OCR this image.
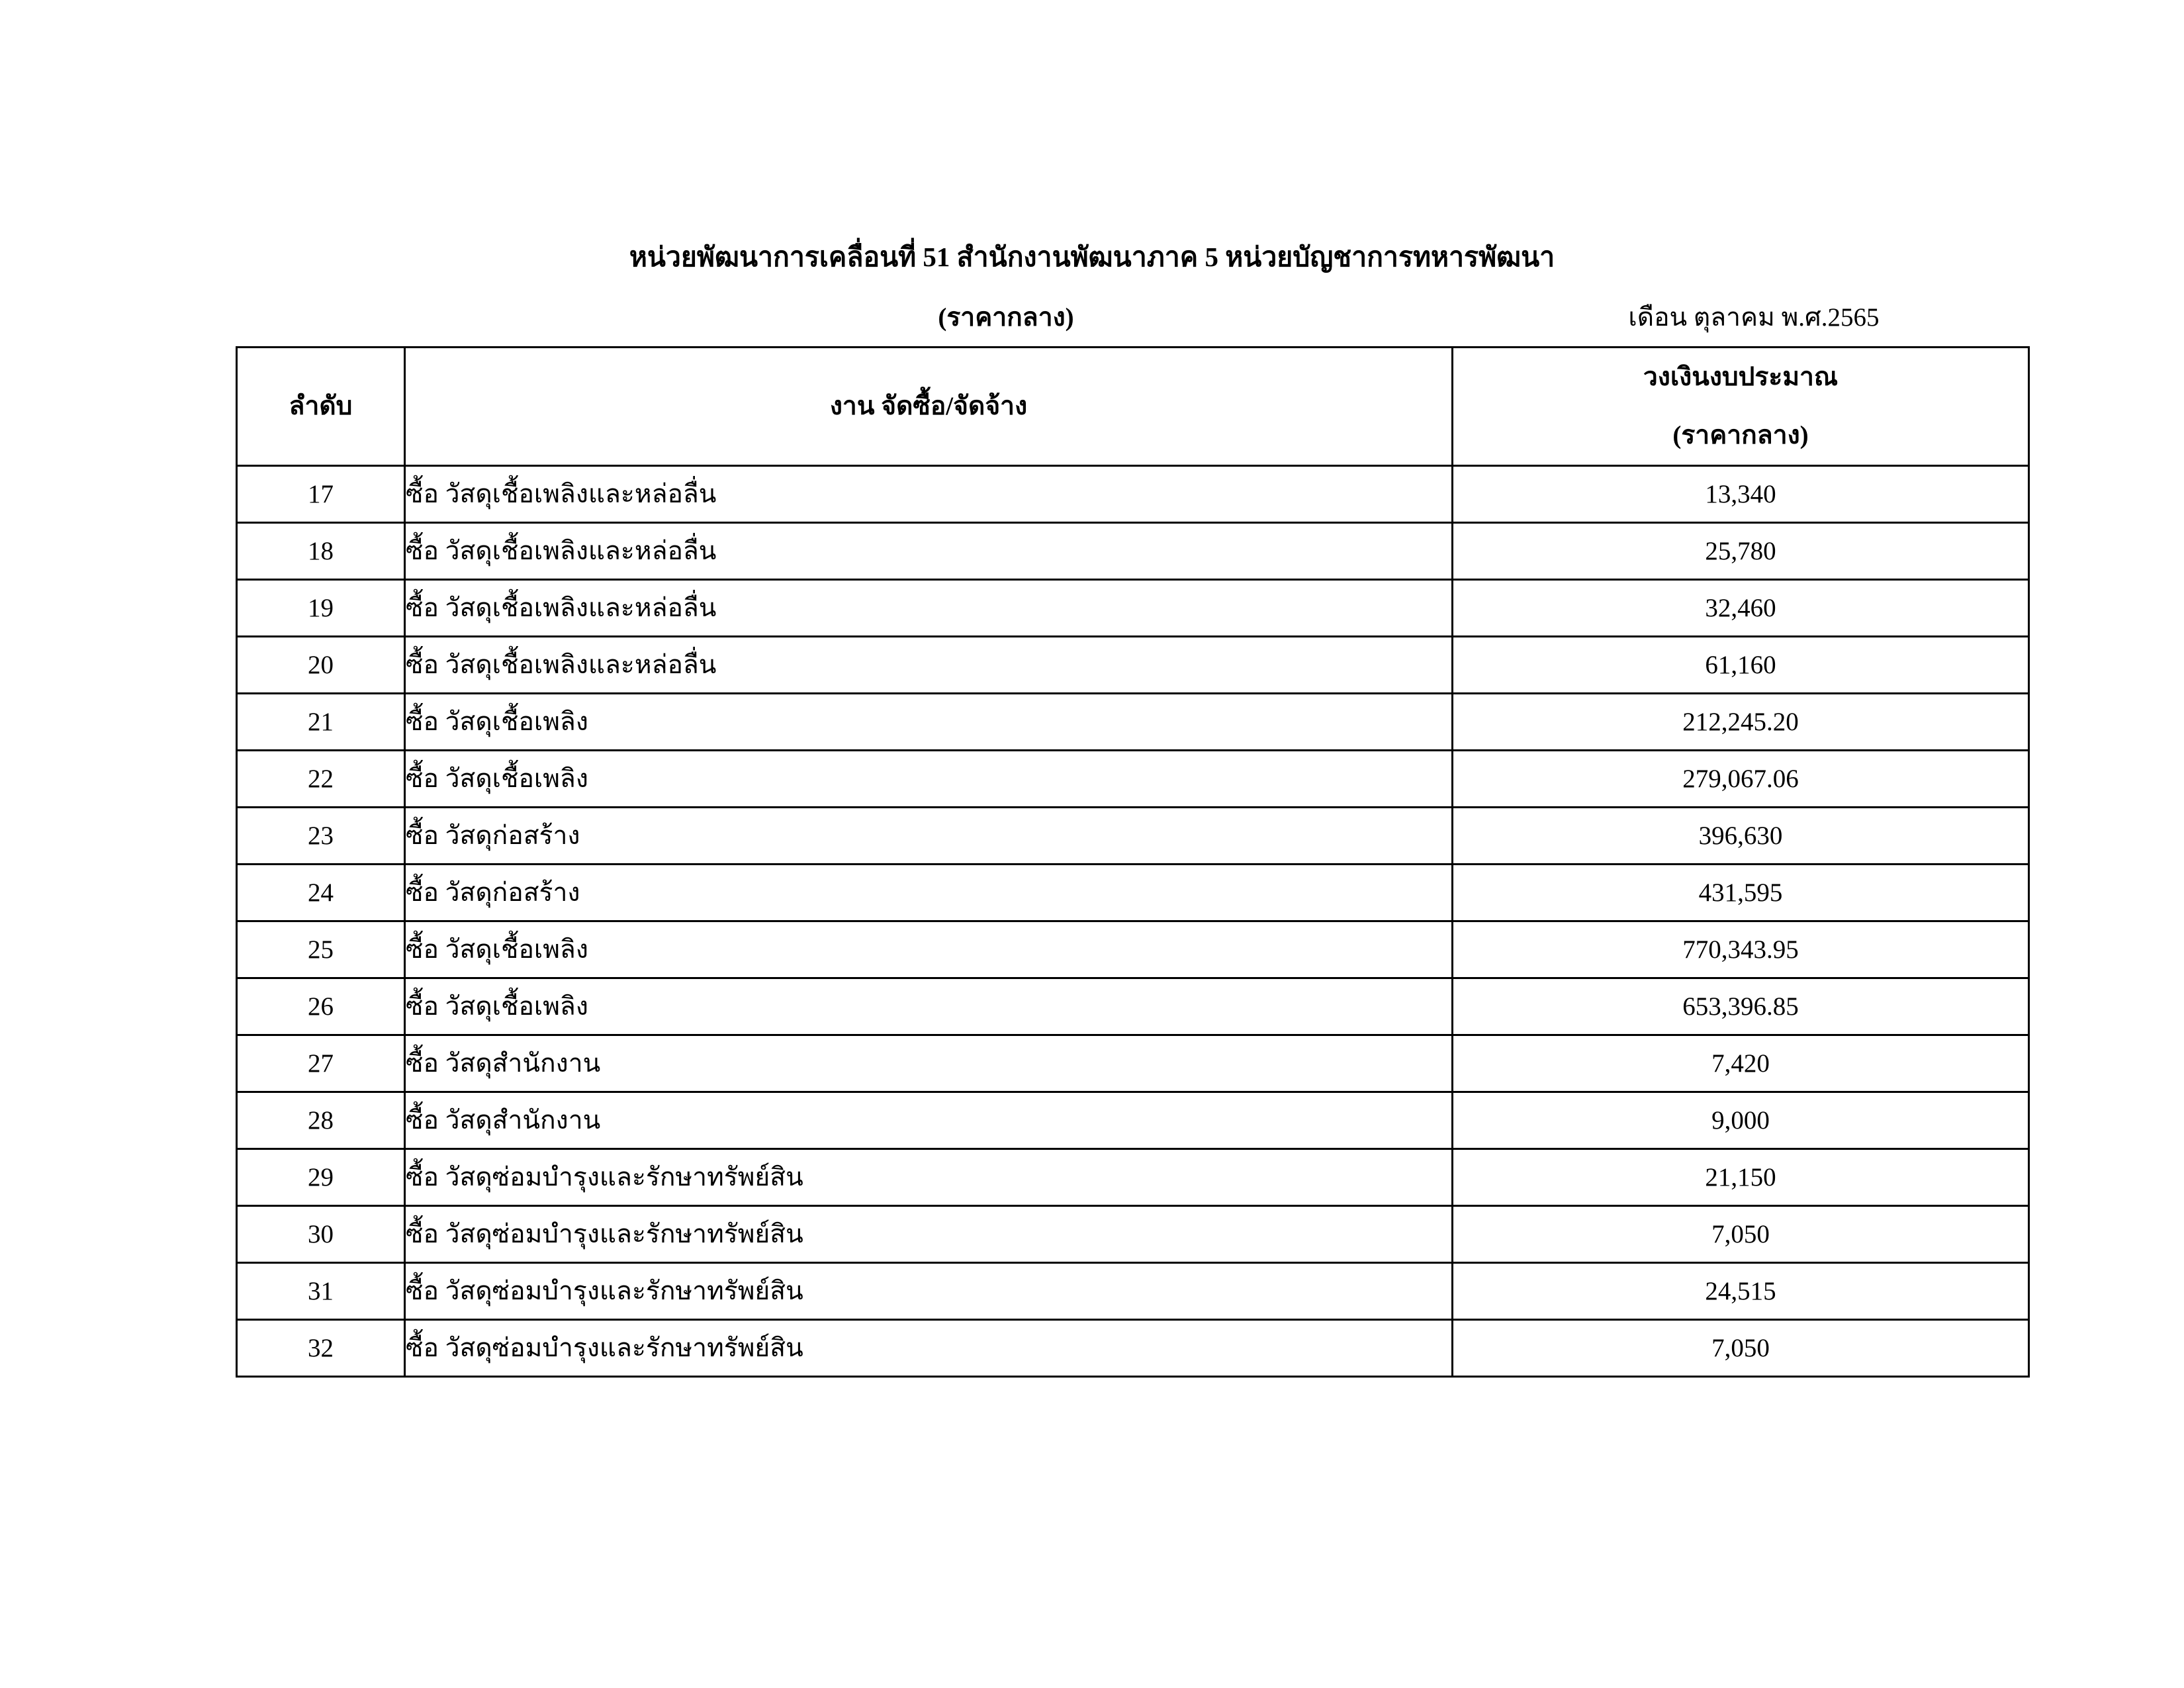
หน่วยพัฒนาการเคลื่อนที่ 51 สำนักงานพัฒนาภาค 5 หน่วยบัญชาการทหารพัฒนา
(ราคากลาง)	เดือน ตุลาคม พ.ศ.2565
ลำดับ	งาน จัดซื้อ/จัดจ้าง	วงเงินงบประมาณ
(ราคากลาง)

17	ซื้อ วัสดุเชื้อเพลิงและหล่อลื่น	13,340
18	ซื้อ วัสดุเชื้อเพลิงและหล่อลื่น	25,780
19	ซื้อ วัสดุเชื้อเพลิงและหล่อลื่น	32,460
20	ซื้อ วัสดุเชื้อเพลิงและหล่อลื่น	61,160
21	ซื้อ วัสดุเชื้อเพลิง	212,245.20
22	ซื้อ วัสดุเชื้อเพลิง	279,067.06
23	ซื้อ วัสดุก่อสร้าง	396,630
24	ซื้อ วัสดุก่อสร้าง	431,595
25	ซื้อ วัสดุเชื้อเพลิง	770,343.95
26	ซื้อ วัสดุเชื้อเพลิง	653,396.85
27	ซื้อ วัสดุสำนักงาน	7,420
28	ซื้อ วัสดุสำนักงาน	9,000
29	ซื้อ วัสดุซ่อมบำรุงและรักษาทรัพย์สิน	21,150
30	ซื้อ วัสดุซ่อมบำรุงและรักษาทรัพย์สิน	7,050
31	ซื้อ วัสดุซ่อมบำรุงและรักษาทรัพย์สิน	24,515
32	ซื้อ วัสดุซ่อมบำรุงและรักษาทรัพย์สิน	7,050
